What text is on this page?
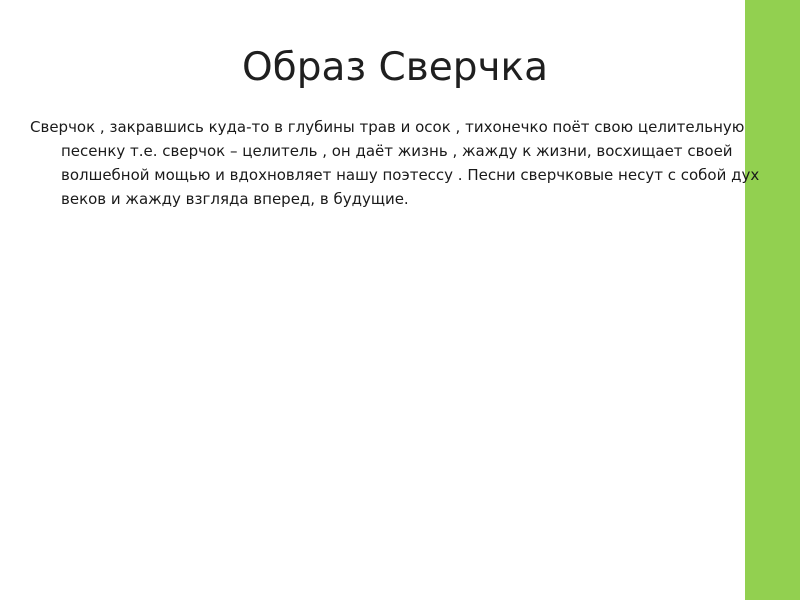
Образ Сверчка

Сверчок , закравшись куда-то в глубины трав и осок , тихонечко поёт свою целительную песенку т.е. сверчок – целитель , он даёт жизнь , жажду к жизни, восхищает своей волшебной мощью и вдохновляет нашу поэтессу . Песни сверчковые несут с собой дух веков и жажду взгляда вперед, в будущие.
